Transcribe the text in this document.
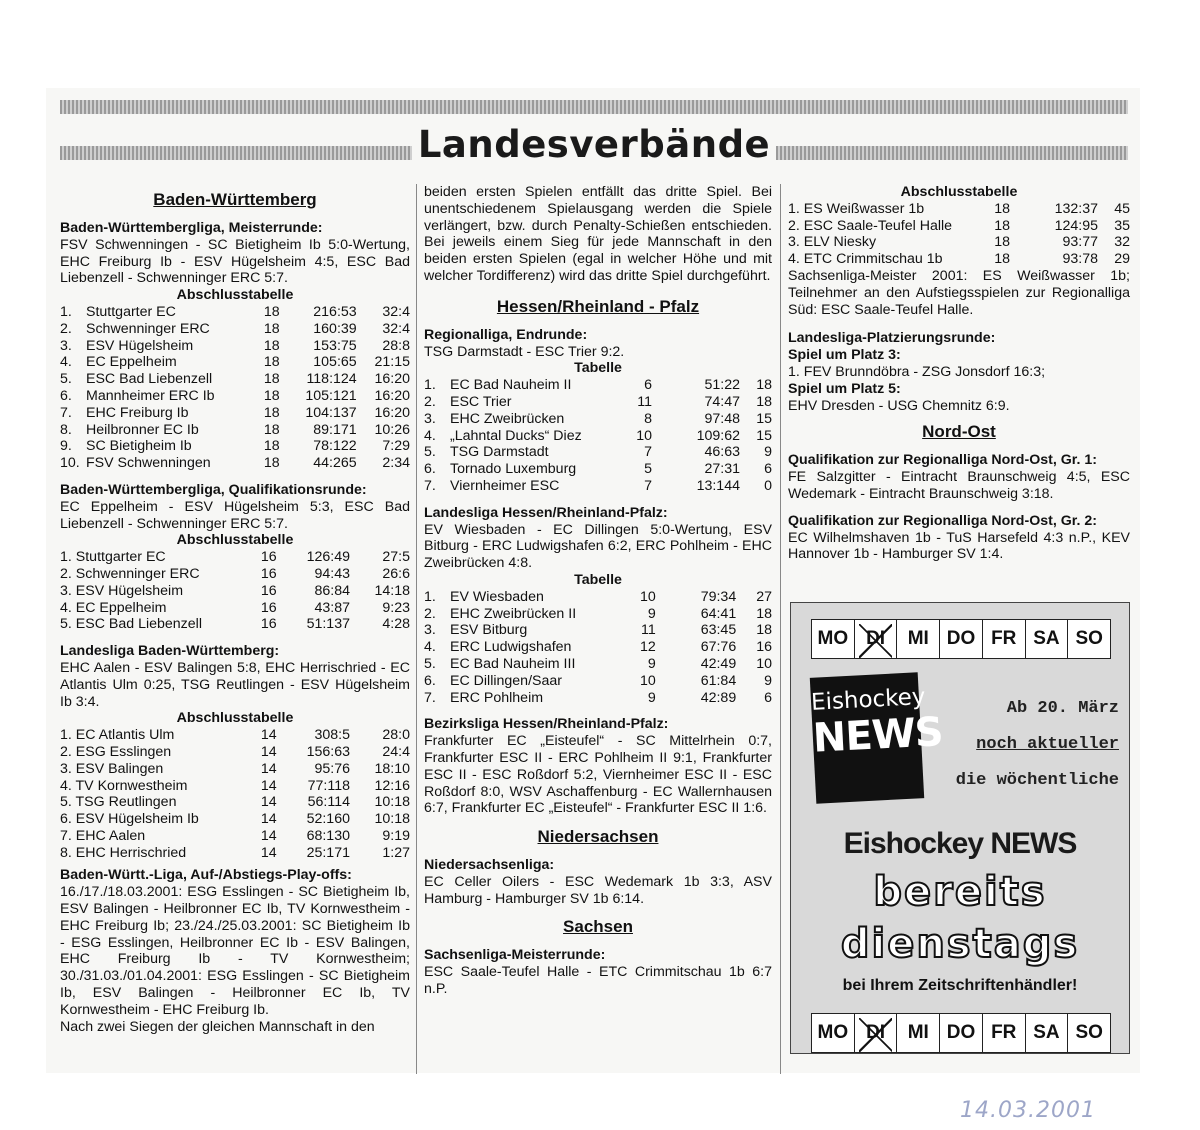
Landesverbände
Baden-Württemberg
Baden-Württembergliga, Meisterrunde:
FSV Schwenningen - SC Bietigheim Ib 5:0-Wertung, EHC Freiburg Ib - ESV Hügelsheim 4:5, ESC Bad Liebenzell - Schwenninger ERC 5:7.
Abschlusstabelle
1.	Stuttgarter EC	18	216:53	32:4
2.	Schwenninger ERC	18	160:39	32:4
3.	ESV Hügelsheim	18	153:75	28:8
4.	EC Eppelheim	18	105:65	21:15
5.	ESC Bad Liebenzell	18	118:124	16:20
6.	Mannheimer ERC Ib	18	105:121	16:20
7.	EHC Freiburg Ib	18	104:137	16:20
8.	Heilbronner EC Ib	18	89:171	10:26
9.	SC Bietigheim Ib	18	78:122	7:29
10.	FSV Schwenningen	18	44:265	2:34
Baden-Württembergliga, Qualifikationsrunde:
EC Eppelheim - ESV Hügelsheim 5:3, ESC Bad Liebenzell - Schwenninger ERC 5:7.
Abschlusstabelle
1. Stuttgarter EC	16	126:49	27:5
2. Schwenninger ERC	16	94:43	26:6
3. ESV Hügelsheim	16	86:84	14:18
4. EC Eppelheim	16	43:87	9:23
5. ESC Bad Liebenzell	16	51:137	4:28
Landesliga Baden-Württemberg:
EHC Aalen - ESV Balingen 5:8, EHC Herrischried - EC Atlantis Ulm 0:25, TSG Reutlingen - ESV Hügelsheim Ib 3:4.
Abschlusstabelle
1. EC Atlantis Ulm	14	308:5	28:0
2. ESG Esslingen	14	156:63	24:4
3. ESV Balingen	14	95:76	18:10
4. TV Kornwestheim	14	77:118	12:16
5. TSG Reutlingen	14	56:114	10:18
6. ESV Hügelsheim Ib	14	52:160	10:18
7. EHC Aalen	14	68:130	9:19
8. EHC Herrischried	14	25:171	1:27
Baden-Württ.-Liga, Auf-/Abstiegs-Play-offs:
16./17./18.03.2001: ESG Esslingen - SC Bietigheim Ib, ESV Balingen - Heilbronner EC Ib, TV Kornwestheim - EHC Freiburg Ib; 23./24./25.03.2001: SC Bietigheim Ib - ESG Esslingen, Heilbronner EC Ib - ESV Balingen, EHC Freiburg Ib - TV Kornwestheim; 30./31.03./01.04.2001: ESG Esslingen - SC Bietigheim Ib, ESV Balingen - Heilbronner EC Ib, TV Kornwestheim - EHC Freiburg Ib.
Nach zwei Siegen der gleichen Mannschaft in den
beiden ersten Spielen entfällt das dritte Spiel. Bei unentschiedenem Spielausgang werden die Spiele verlängert, bzw. durch Penalty-Schießen entschieden. Bei jeweils einem Sieg für jede Mannschaft in den beiden ersten Spielen (egal in welcher Höhe und mit welcher Tordifferenz) wird das dritte Spiel durchgeführt.
Hessen/Rheinland - Pfalz
Regionalliga, Endrunde:
TSG Darmstadt - ESC Trier 9:2.
Tabelle
1.	EC Bad Nauheim II	6	51:22	18
2.	ESC Trier	11	74:47	18
3.	EHC Zweibrücken	8	97:48	15
4.	„Lahntal Ducks“ Diez	10	109:62	15
5.	TSG Darmstadt	7	46:63	9
6.	Tornado Luxemburg	5	27:31	6
7.	Viernheimer ESC	7	13:144	0
Landesliga Hessen/Rheinland-Pfalz:
EV Wiesbaden - EC Dillingen 5:0-Wertung, ESV Bitburg - ERC Ludwigshafen 6:2, ERC Pohlheim - EHC Zweibrücken 4:8.
Tabelle
1.	EV Wiesbaden	10	79:34	27
2.	EHC Zweibrücken II	9	64:41	18
3.	ESV Bitburg	11	63:45	18
4.	ERC Ludwigshafen	12	67:76	16
5.	EC Bad Nauheim III	9	42:49	10
6.	EC Dillingen/Saar	10	61:84	9
7.	ERC Pohlheim	9	42:89	6
Bezirksliga Hessen/Rheinland-Pfalz:
Frankfurter EC „Eisteufel“ - SC Mittelrhein 0:7, Frankfurter ESC II - ERC Pohlheim II 9:1, Frankfurter ESC II - ESC Roßdorf 5:2, Viernheimer ESC II - ESC Roßdorf 8:0, WSV Aschaffenburg - EC Wallernhausen 6:7, Frankfurter EC „Eisteufel“ - Frankfurter ESC II 1:6.
Niedersachsen
Niedersachsenliga:
EC Celler Oilers - ESC Wedemark 1b 3:3, ASV Hamburg - Hamburger SV 1b 6:14.
Sachsen
Sachsenliga-Meisterrunde:
ESC Saale-Teufel Halle - ETC Crimmitschau 1b 6:7 n.P.
Abschlusstabelle
1. ES Weißwasser 1b	18	132:37	45
2. ESC Saale-Teufel Halle	18	124:95	35
3. ELV Niesky	18	93:77	32
4. ETC Crimmitschau 1b	18	93:78	29
Sachsenliga-Meister 2001: ES Weißwasser 1b; Teilnehmer an den Aufstiegsspielen zur Regionalliga Süd: ESC Saale-Teufel Halle.
Landesliga-Platzierungsrunde:
Spiel um Platz 3:
1. FEV Brunndöbra - ZSG Jonsdorf 16:3;
Spiel um Platz 5:
EHV Dresden - USG Chemnitz 6:9.
Nord-Ost
Qualifikation zur Regionalliga Nord-Ost, Gr. 1:
FE Salzgitter - Eintracht Braunschweig 4:5, ESC Wedemark - Eintracht Braunschweig 3:18.
Qualifikation zur Regionalliga Nord-Ost, Gr. 2:
EC Wilhelmshaven 1b - TuS Harsefeld 4:3 n.P., KEV Hannover 1b - Hamburger SV 1:4.
MO DI	MI DO FR SA SO
Eishockey
NEWS
Ab 20. März
noch aktueller
die wöchentliche
Eishockey NEWS
bereits
dienstags
bei Ihrem Zeitschriftenhändler!
MO DI	MI DO FR SA SO
14.03.2001
